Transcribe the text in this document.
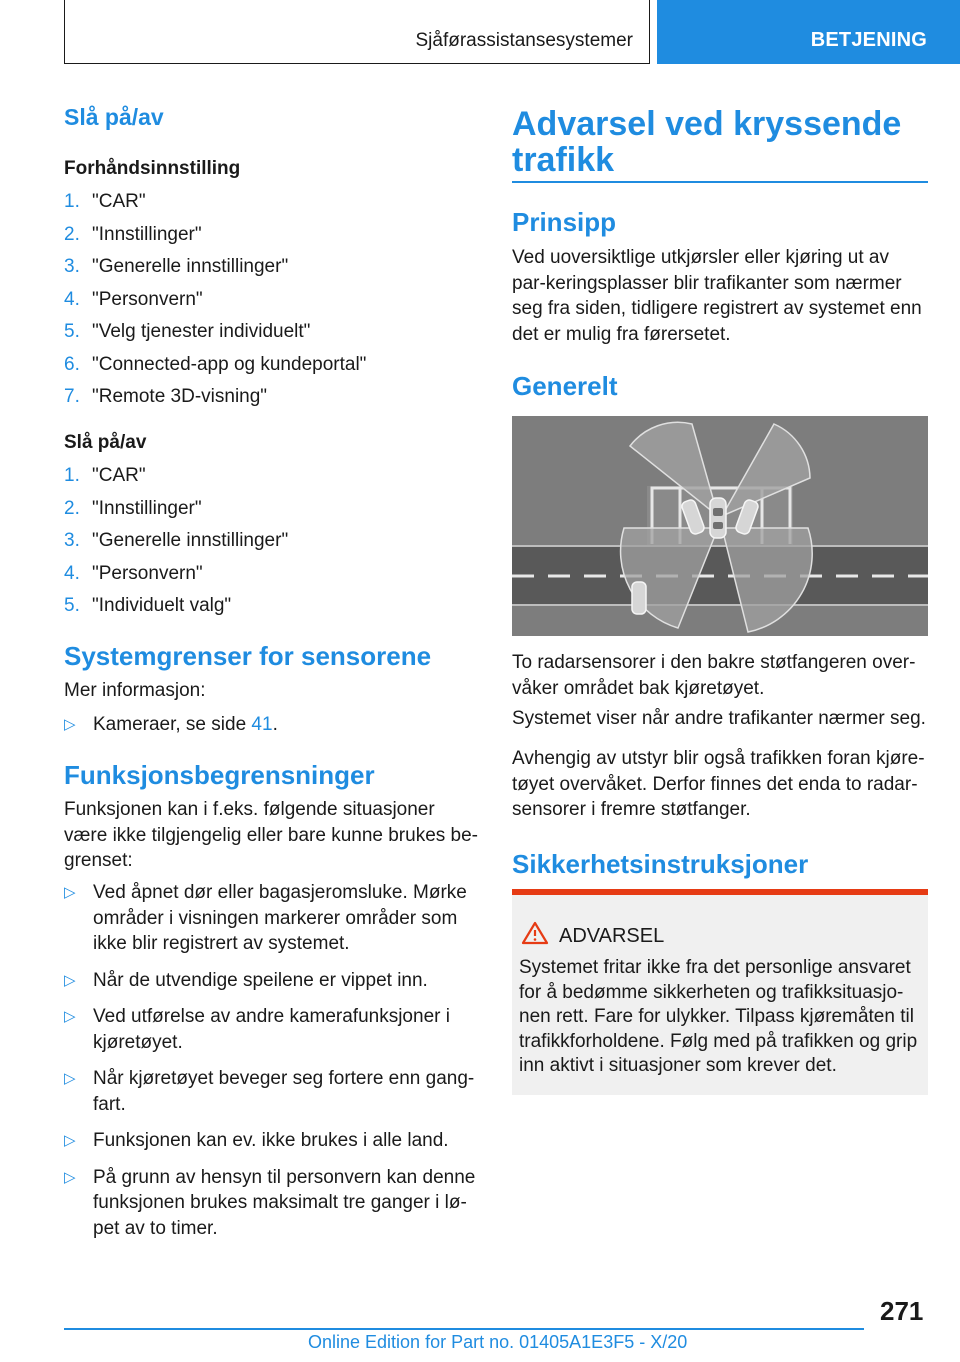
Sjåførassistansesystemer	BETJENING
Slå på/av
Forhåndsinnstilling
1. "CAR"
2. "Innstillinger"
3. "Generelle innstillinger"
4. "Personvern"
5. "Velg tjenester individuelt"
6. "Connected-app og kundeportal"
7. "Remote 3D-visning"
Slå på/av
1. "CAR"
2. "Innstillinger"
3. "Generelle innstillinger"
4. "Personvern"
5. "Individuelt valg"
Systemgrenser for sensorene
Mer informasjon:
▷ Kameraer, se side 41.
Funksjonsbegrensninger
Funksjonen kan i f.eks. følgende situasjoner være ikke tilgjengelig eller bare kunne brukes be‐grenset:
▷ Ved åpnet dør eller bagasjeromsluke. Mørke områder i visningen markerer områder som ikke blir registrert av systemet.
▷ Når de utvendige speilene er vippet inn.
▷ Ved utførelse av andre kamerafunksjoner i kjøretøyet.
▷ Når kjøretøyet beveger seg fortere enn gang‐fart.
▷ Funksjonen kan ev. ikke brukes i alle land.
▷ På grunn av hensyn til personvern kan denne funksjonen brukes maksimalt tre ganger i lø‐pet av to timer.
Advarsel ved kryssende
trafikk
Prinsipp
Ved uoversiktlige utkjørsler eller kjøring ut av par‐keringsplasser blir trafikanter som nærmer seg fra siden, tidligere registrert av systemet enn det er mulig fra førersetet.
Generelt
To radarsensorer i den bakre støtfangeren over‐våker området bak kjøretøyet.
Systemet viser når andre trafikanter nærmer seg.
Avhengig av utstyr blir også trafikken foran kjøre‐tøyet overvåket. Derfor finnes det enda to radar‐sensorer i fremre støtfanger.
Sikkerhetsinstruksjoner
ADVARSEL
Systemet fritar ikke fra det personlige ansvaret for å bedømme sikkerheten og trafikksituasjo‐nen rett. Fare for ulykker. Tilpass kjøremåten til trafikkforholdene. Følg med på trafikken og grip inn aktivt i situasjoner som krever det.
271
Online Edition for Part no. 01405A1E3F5 - X/20
